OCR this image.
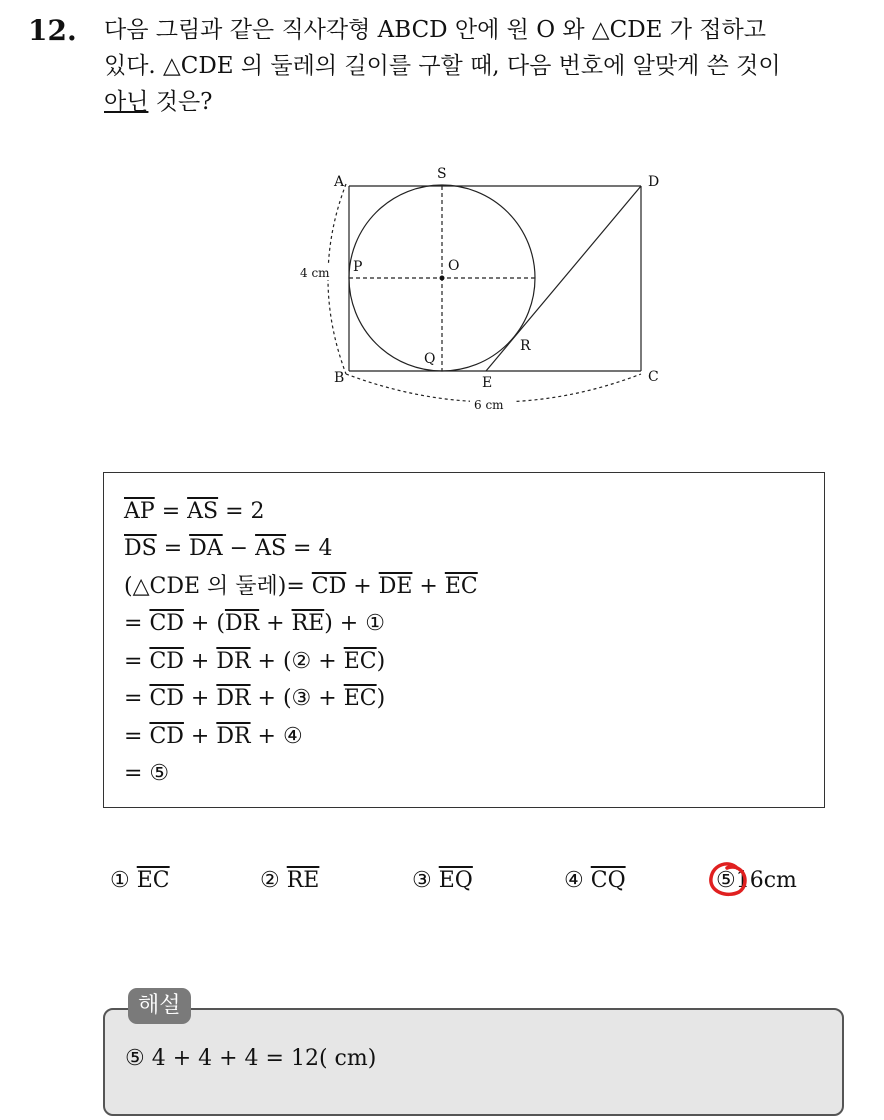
12. 다음 그림과 같은 직사각형 ABCD 안에 원 O 와 △CDE 가 접하고
있다. △CDE 의 둘레의 길이를 구할 때, 다음 번호에 알맞게 쓴 것이
아닌 것은?
A	S	D
P	O
Q
R
B	E	C
4 cm
6 cm
$\overline{AP} = \overline{AS} = 2$
$\overline{DS} = \overline{DA} - \overline{AS} = 4$
(△CDE 의 둘레)= $\overline{CD} + \overline{DE} + \overline{EC}$
= $\overline{CD} + (\overline{DR} + \overline{RE})$ + ①
= $\overline{CD} + \overline{DR}$ + (② + $\overline{EC}$)
= $\overline{CD} + \overline{DR}$ + (③ + $\overline{EC}$)
= $\overline{CD} + \overline{DR}$ + ④
= ⑤
① $\overline{EC}$	② $\overline{RE}$	③ $\overline{EQ}$	④ $\overline{CQ}$	⑤16cm
⑤ 4 + 4 + 4 = 12( cm)
해설
